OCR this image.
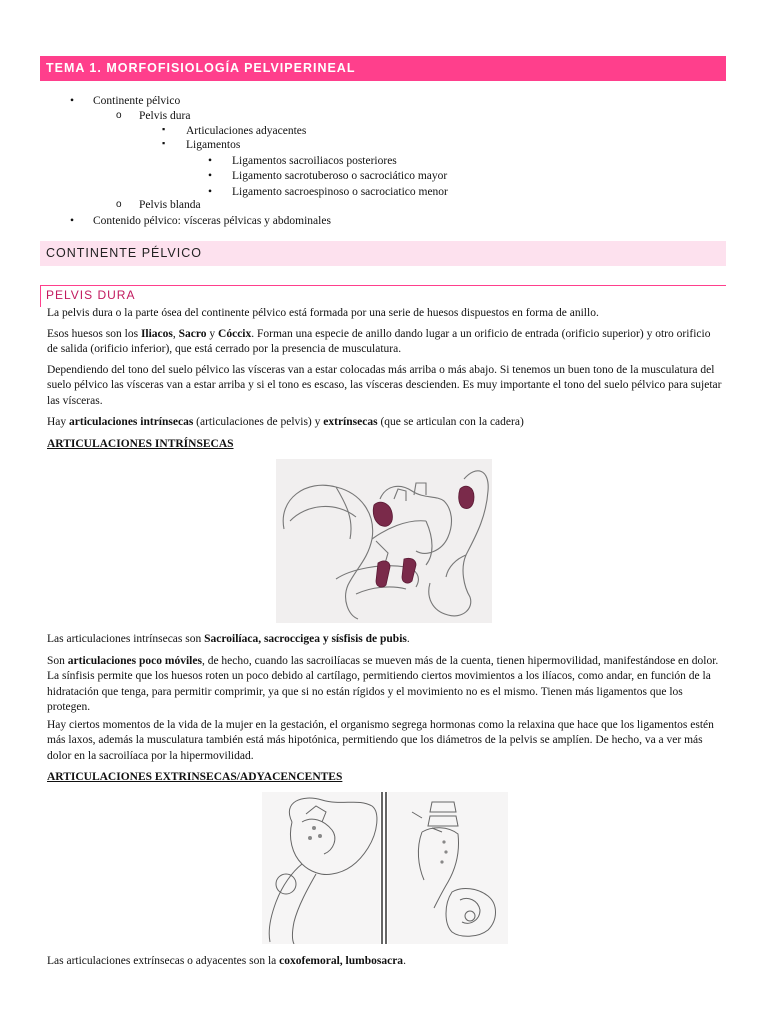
TEMA 1. MORFOFISIOLOGÍA PELVIPERINEAL
• Continente pélvico
o Pelvis dura
▪ Articulaciones adyacentes
▪ Ligamentos
• Ligamentos sacroiliacos posteriores
• Ligamento sacrotuberoso o sacrociático mayor
• Ligamento sacroespinoso o sacrociatico menor
o Pelvis blanda
• Contenido pélvico: vísceras pélvicas y abdominales
CONTINENTE PÉLVICO
PELVIS DURA
La pelvis dura o la parte ósea del continente pélvico está formada por una serie de huesos dispuestos en forma de anillo.
Esos huesos son los Iliacos, Sacro y Cóccix. Forman una especie de anillo dando lugar a un orificio de entrada (orificio superior) y otro orificio de salida (orificio inferior), que está cerrado por la presencia de musculatura.
Dependiendo del tono del suelo pélvico las vísceras van a estar colocadas más arriba o más abajo. Si tenemos un buen tono de la musculatura del suelo pélvico las vísceras van a estar arriba y si el tono es escaso, las vísceras descienden. Es muy importante el tono del suelo pélvico para sujetar las vísceras.
Hay articulaciones intrínsecas (articulaciones de pelvis) y extrínsecas (que se articulan con la cadera)
ARTICULACIONES INTRÍNSECAS
Las articulaciones intrínsecas son Sacroilíaca, sacroccigea y sísfisis de pubis.
Son articulaciones poco móviles, de hecho, cuando las sacroilíacas se mueven más de la cuenta, tienen hipermovilidad, manifestándose en dolor. La sínfisis permite que los huesos roten un poco debido al cartílago, permitiendo ciertos movimientos a los ilíacos, como andar, en función de la hidratación que tenga, para permitir comprimir, ya que si no están rígidos y el movimiento no es el mismo. Tienen más ligamentos que los protegen.
Hay ciertos momentos de la vida de la mujer en la gestación, el organismo segrega hormonas como la relaxina que hace que los ligamentos estén más laxos, además la musculatura también está más hipotónica, permitiendo que los diámetros de la pelvis se amplíen. De hecho, va a ver más dolor en la sacroilíaca por la hipermovilidad.
ARTICULACIONES EXTRINSECAS/ADYACENCENTES
Las articulaciones extrínsecas o adyacentes son la coxofemoral, lumbosacra.
